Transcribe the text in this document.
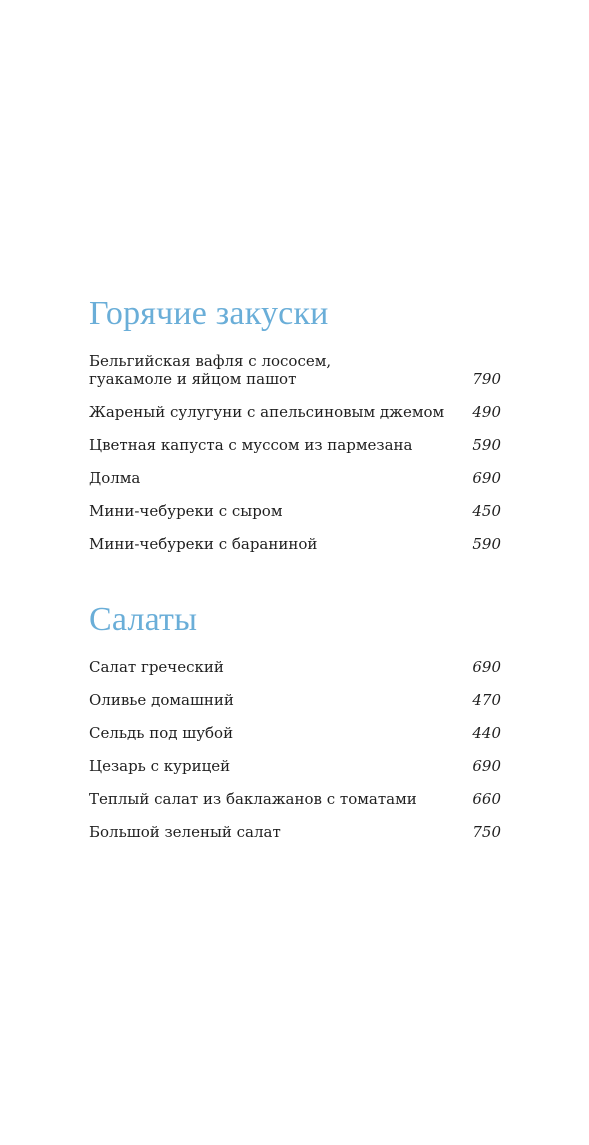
Горячие закуски
Бельгийская вафля с лососем,
гуакамоле и яйцом пашот	790
Жареный сулугуни с апельсиновым джемом	490
Цветная капуста с муссом из пармезана	590
Долма	690
Мини-чебуреки с сыром	450
Мини-чебуреки с бараниной	590
Салаты
Салат греческий	690
Оливье домашний	470
Сельдь под шубой	440
Цезарь с курицей	690
Теплый салат из баклажанов с томатами	660
Большой зеленый салат	750
